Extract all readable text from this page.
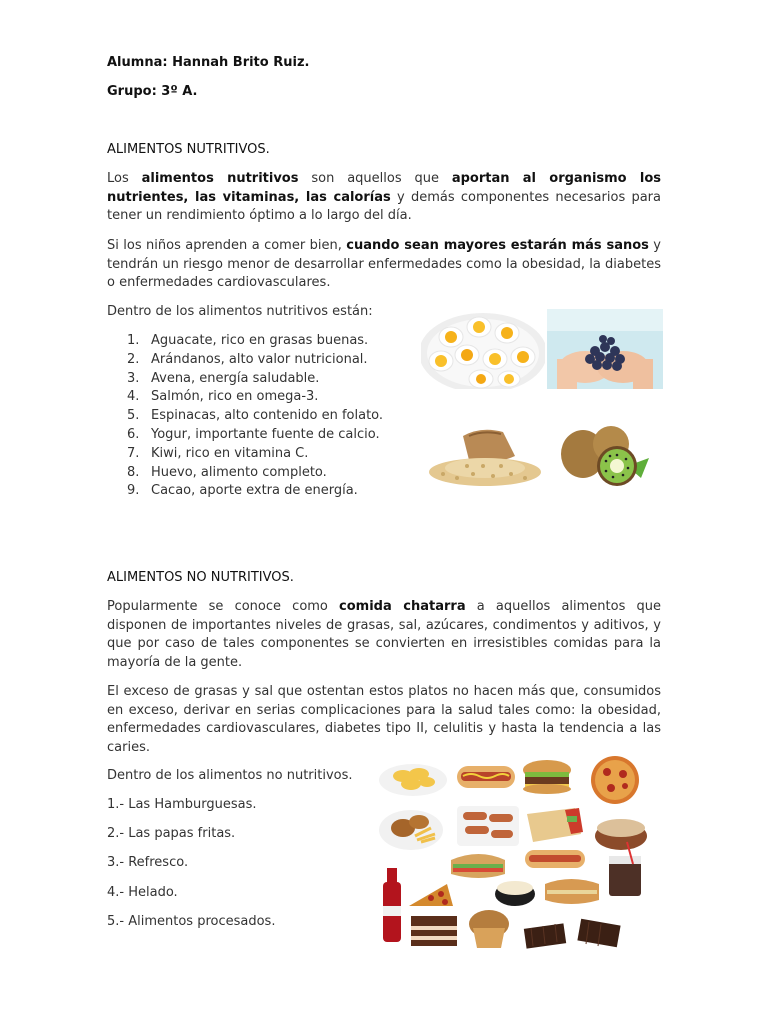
Alumna: Hannah Brito Ruiz.
Grupo: 3º A.
ALIMENTOS NUTRITIVOS.
Los alimentos nutritivos son aquellos que aportan al organismo los nutrientes, las vitaminas, las calorías y demás componentes necesarios para tener un rendimiento óptimo a lo largo del día.
Si los niños aprenden a comer bien, cuando sean mayores estarán más sanos y tendrán un riesgo menor de desarrollar enfermedades como la obesidad, la diabetes o enfermedades cardiovasculares.
Dentro de los alimentos nutritivos están:
1. Aguacate, rico en grasas buenas.
2. Arándanos, alto valor nutricional.
3. Avena, energía saludable.
4. Salmón, rico en omega-3.
5. Espinacas, alto contenido en folato.
6. Yogur, importante fuente de calcio.
7. Kiwi, rico en vitamina C.
8. Huevo, alimento completo.
9. Cacao, aporte extra de energía.
ALIMENTOS NO NUTRITIVOS.
Popularmente se conoce como comida chatarra a aquellos alimentos que disponen de importantes niveles de grasas, sal, azúcares, condimentos y aditivos, y que por caso de tales componentes se convierten en irresistibles comidas para la mayoría de la gente.
El exceso de grasas y sal que ostentan estos platos no hacen más que, consumidos en exceso, derivar en serias complicaciones para la salud tales como: la obesidad, enfermedades cardiovasculares, diabetes tipo II, celulitis y hasta la tendencia a las caries.
Dentro de los alimentos no nutritivos.
1.- Las Hamburguesas.
2.- Las papas fritas.
3.- Refresco.
4.- Helado.
5.- Alimentos procesados.
